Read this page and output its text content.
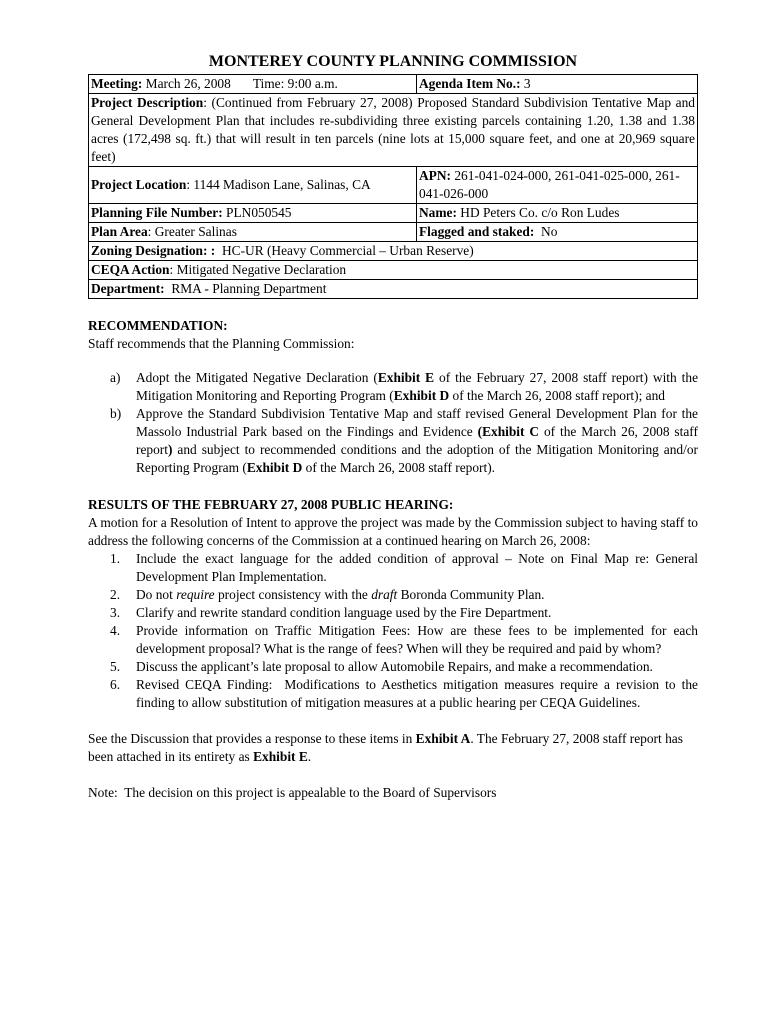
MONTEREY COUNTY PLANNING COMMISSION
Meeting: March 26, 2008 Time: 9:00 a.m.	Agenda Item No.: 3
Project Description: (Continued from February 27, 2008) Proposed Standard Subdivision Tentative Map and General Development Plan that includes re-subdividing three existing parcels containing 1.20, 1.38 and 1.38 acres (172,498 sq. ft.) that will result in ten parcels (nine lots at 15,000 square feet, and one at 20,969 square feet)	
Project Location: 1144 Madison Lane, Salinas, CA	APN: 261-041-024-000, 261-041-025-000, 261-041-026-000
Planning File Number: PLN050545	Name: HD Peters Co. c/o Ron Ludes
Plan Area: Greater Salinas	Flagged and staked:  No
Zoning Designation: :  HC-UR (Heavy Commercial – Urban Reserve)	
CEQA Action: Mitigated Negative Declaration	
Department:  RMA - Planning Department	
RECOMMENDATION:
Staff recommends that the Planning Commission:
a) Adopt the Mitigated Negative Declaration (Exhibit E of the February 27, 2008 staff report) with the Mitigation Monitoring and Reporting Program (Exhibit D of the March 26, 2008 staff report); and
b) Approve the Standard Subdivision Tentative Map and staff revised General Development Plan for the Massolo Industrial Park based on the Findings and Evidence (Exhibit C of the March 26, 2008 staff report) and subject to recommended conditions and the adoption of the Mitigation Monitoring and/or Reporting Program (Exhibit D of the March 26, 2008 staff report).
RESULTS OF THE FEBRUARY 27, 2008 PUBLIC HEARING:
A motion for a Resolution of Intent to approve the project was made by the Commission subject to having staff to address the following concerns of the Commission at a continued hearing on March 26, 2008:
1. Include the exact language for the added condition of approval – Note on Final Map re: General Development Plan Implementation.
2. Do not require project consistency with the draft Boronda Community Plan.
3. Clarify and rewrite standard condition language used by the Fire Department.
4. Provide information on Traffic Mitigation Fees: How are these fees to be implemented for each development proposal? What is the range of fees? When will they be required and paid by whom?
5. Discuss the applicant’s late proposal to allow Automobile Repairs, and make a recommendation.
6. Revised CEQA Finding:  Modifications to Aesthetics mitigation measures require a revision to the finding to allow substitution of mitigation measures at a public hearing per CEQA Guidelines.

See the Discussion that provides a response to these items in Exhibit A. The February 27, 2008 staff report has been attached in its entirety as Exhibit E.

Note:  The decision on this project is appealable to the Board of Supervisors
